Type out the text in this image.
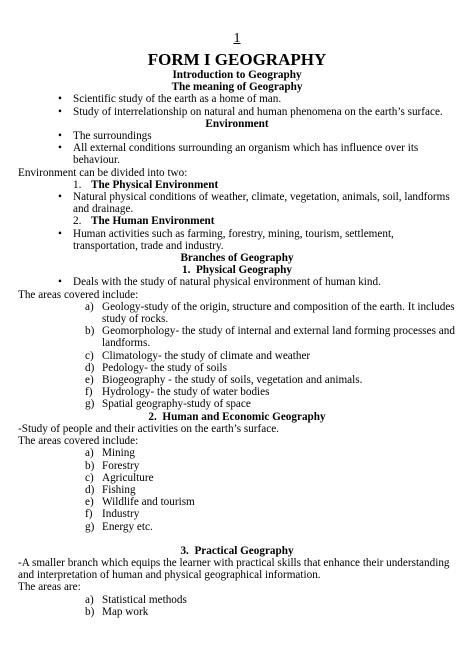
1
FORM I GEOGRAPHY
Introduction to Geography
The meaning of Geography
• Scientific study of the earth as a home of man.
• Study of interrelationship on natural and human phenomena on the earth’s surface.
Environment
• The surroundings
• All external conditions surrounding an organism which has influence over its behaviour.

Environment can be divided into two:

1. The Physical Environment
• Natural physical conditions of weather, climate, vegetation, animals, soil, landforms and drainage.
2. The Human Environment
• Human activities such as farming, forestry, mining, tourism, settlement, transportation, trade and industry.
Branches of Geography
1. Physical Geography
• Deals with the study of natural physical environment of human kind.

The areas covered include:

a) Geology-study of the origin, structure and composition of the earth. It includes study of rocks.
b) Geomorphology- the study of internal and external land forming processes and landforms.
c) Climatology- the study of climate and weather
d) Pedology- the study of soils
e) Biogeography - the study of soils, vegetation and animals.
f) Hydrology- the study of water bodies
g) Spatial geography-study of space
2. Human and Economic Geography

-Study of people and their activities on the earth’s surface.

The areas covered include:

a) Mining
b) Forestry
c) Agriculture
d) Fishing
e) Wildlife and tourism
f) Industry
g) Energy etc.
3. Practical Geography

-A smaller branch which equips the learner with practical skills that enhance their understanding and interpretation of human and physical geographical information.

The areas are:

a) Statistical methods
b) Map work
